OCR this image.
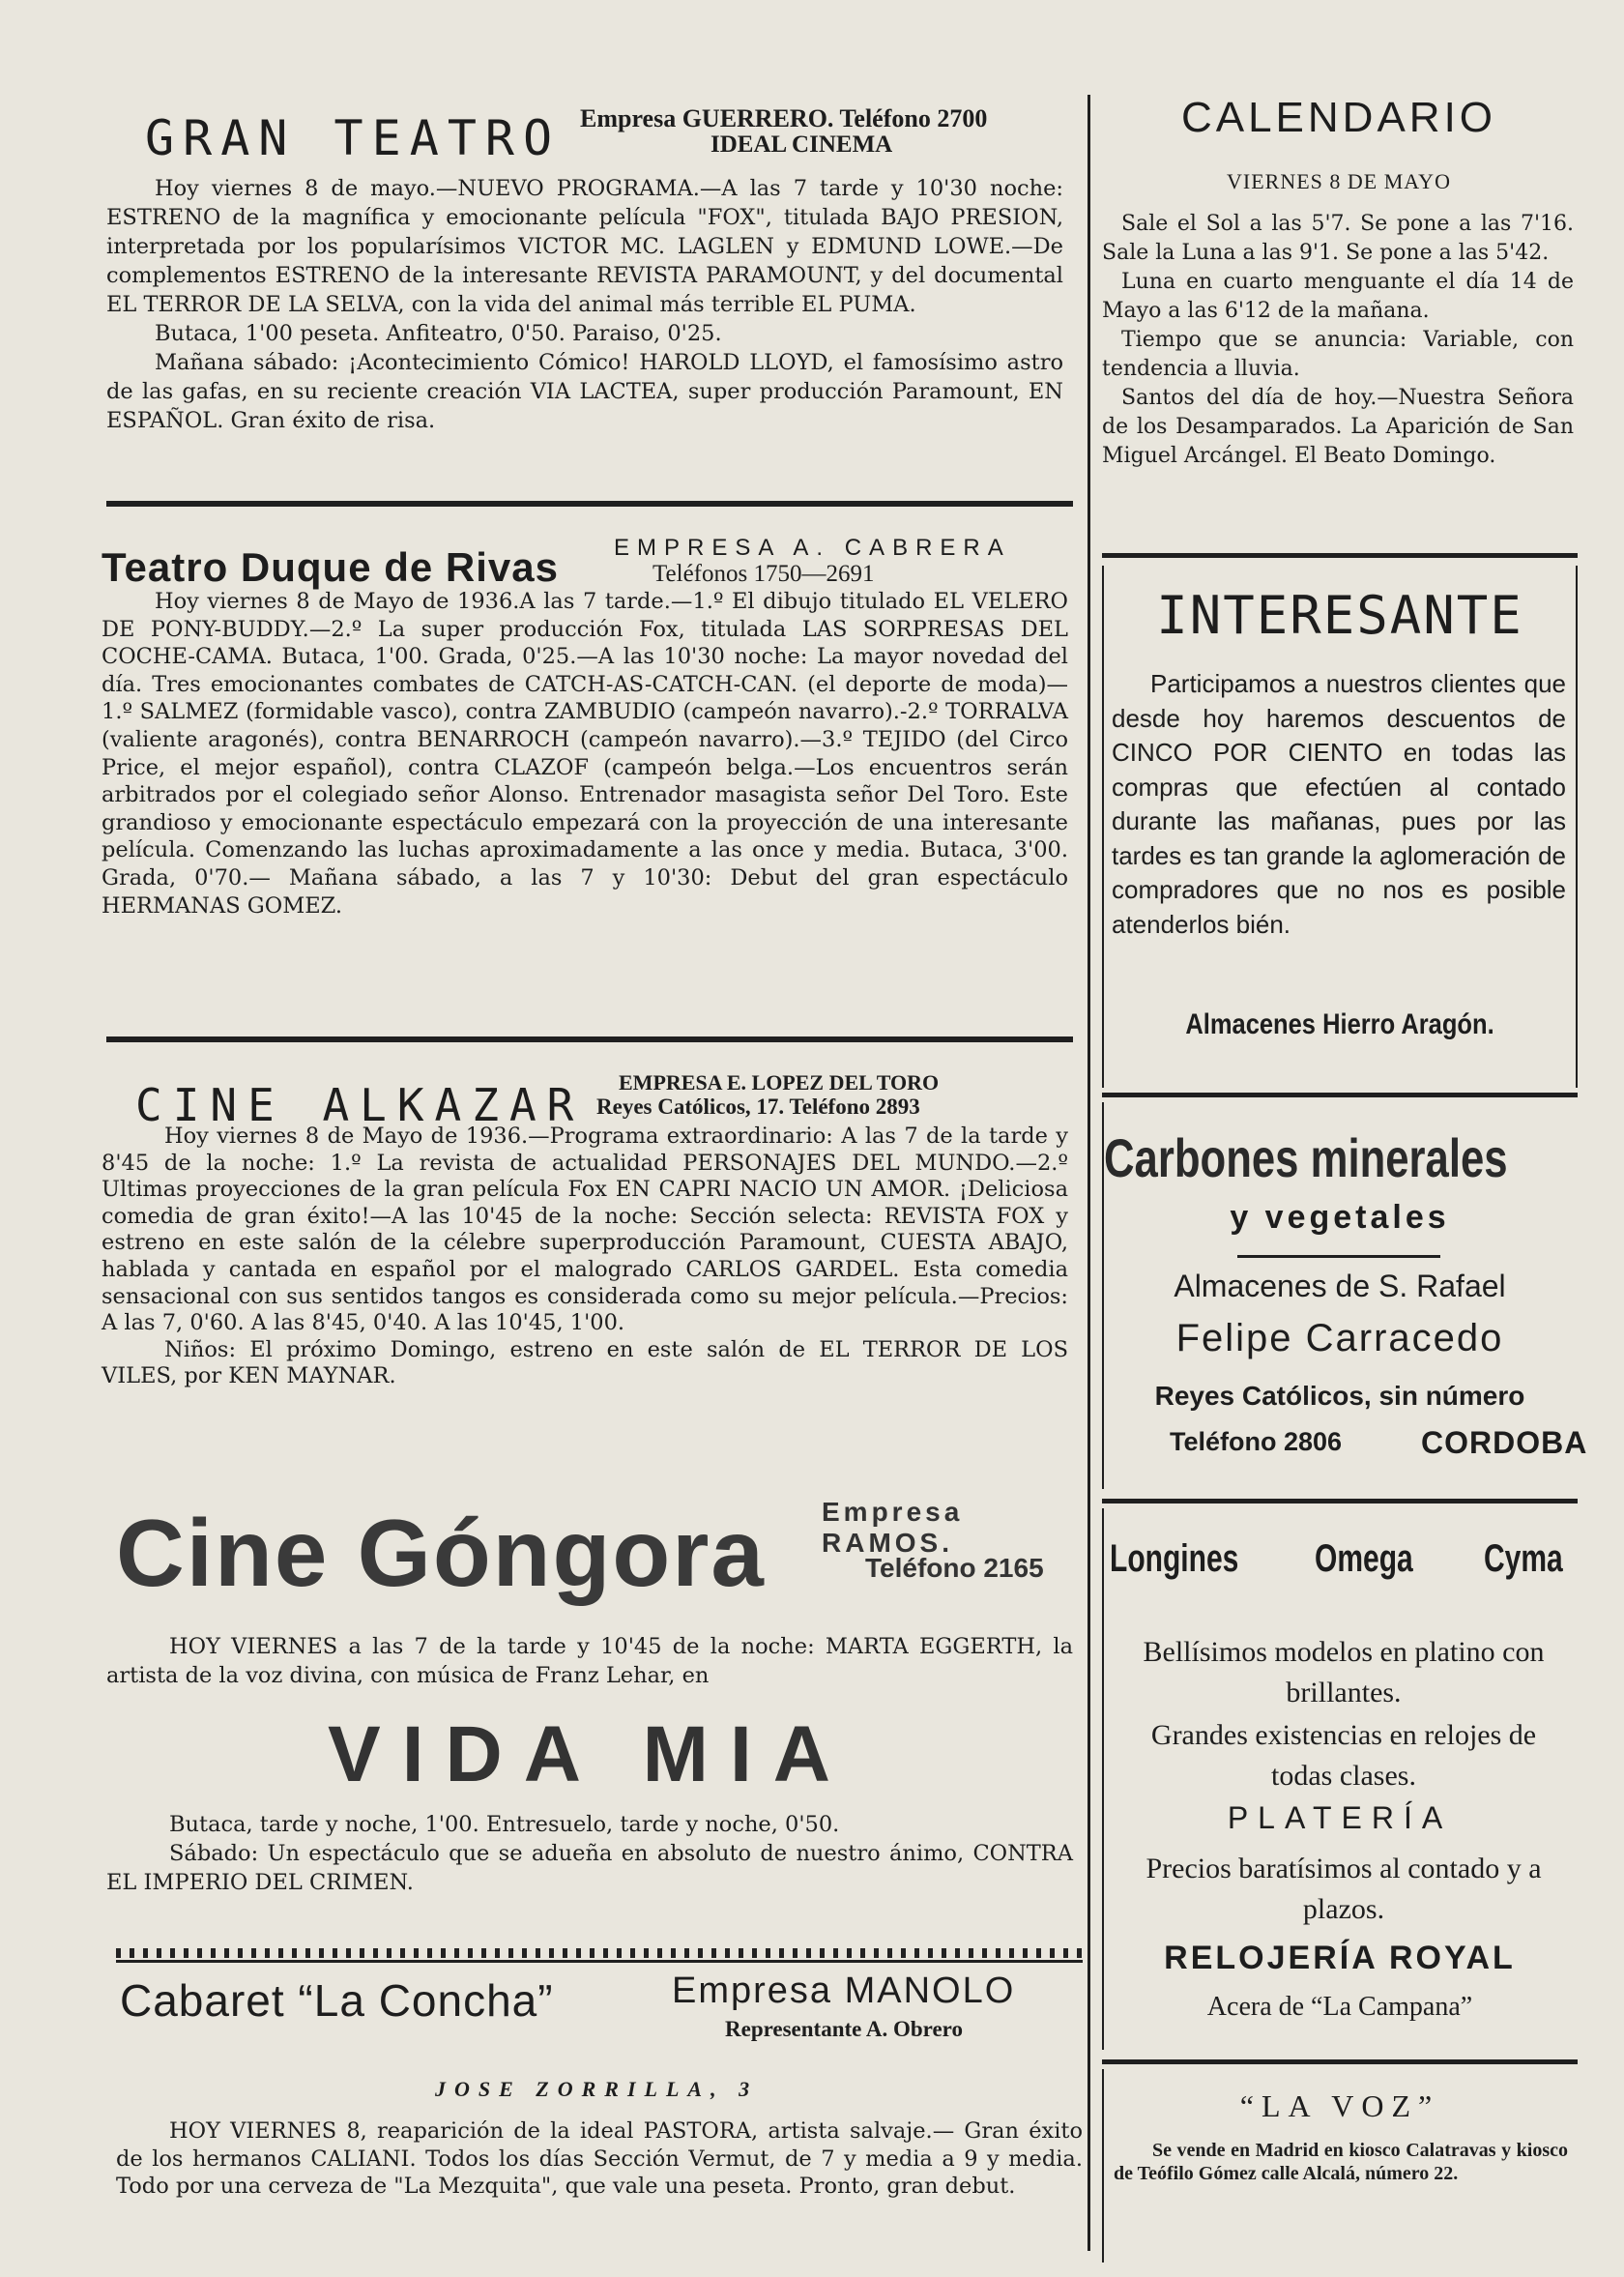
GRAN TEATRO Empresa GUERRERO. Teléfono 2700
IDEAL CINEMA

Hoy viernes 8 de mayo.—NUEVO PROGRAMA.—A las 7 tarde y 10'30 noche: ESTRENO de la magnífica y emocionante película "FOX", titulada BAJO PRESION, interpretada por los popularísimos VICTOR MC. LAGLEN y EDMUND LOWE.—De complementos ESTRENO de la interesante REVISTA PARAMOUNT, y del documental EL TERROR DE LA SELVA, con la vida del animal más terrible EL PUMA.

Butaca, 1'00 peseta. Anfiteatro, 0'50. Paraiso, 0'25.

Mañana sábado: ¡Acontecimiento Cómico! HAROLD LLOYD, el famosísimo astro de las gafas, en su reciente creación VIA LACTEA, super producción Paramount, EN ESPAÑOL. Gran éxito de risa.

Teatro Duque de Rivas EMPRESA A. CABRERA
Teléfonos 1750—2691

Hoy viernes 8 de Mayo de 1936.A las 7 tarde.—1.º El dibujo titulado EL VELERO DE PONY-BUDDY.—2.º La super producción Fox, titulada LAS SORPRESAS DEL COCHE-CAMA. Butaca, 1'00. Grada, 0'25.—A las 10'30 noche: La mayor novedad del día. Tres emocionantes combates de CATCH-AS-CATCH-CAN. (el deporte de moda)—1.º SALMEZ (formidable vasco), contra ZAMBUDIO (campeón navarro).-2.º TORRALVA (valiente aragonés), contra BENARROCH (campeón navarro).—3.º TEJIDO (del Circo Price, el mejor español), contra CLAZOF (campeón belga.—Los encuentros serán arbitrados por el colegiado señor Alonso. Entrenador masagista señor Del Toro. Este grandioso y emocionante espectáculo empezará con la proyección de una interesante película. Comenzando las luchas aproximadamente a las once y media. Butaca, 3'00. Grada, 0'70.— Mañana sábado, a las 7 y 10'30: Debut del gran espectáculo HERMANAS GOMEZ.

CINE ALKAZAR EMPRESA E. LOPEZ DEL TORO
Reyes Católicos, 17. Teléfono 2893

Hoy viernes 8 de Mayo de 1936.—Programa extraordinario: A las 7 de la tarde y 8'45 de la noche: 1.º La revista de actualidad PERSONAJES DEL MUNDO.—2.º Ultimas proyecciones de la gran película Fox EN CAPRI NACIO UN AMOR. ¡Deliciosa comedia de gran éxito!—A las 10'45 de la noche: Sección selecta: REVISTA FOX y estreno en este salón de la célebre superproducción Paramount, CUESTA ABAJO, hablada y cantada en español por el malogrado CARLOS GARDEL. Esta comedia sensacional con sus sentidos tangos es considerada como su mejor película.—Precios: A las 7, 0'60. A las 8'45, 0'40. A las 10'45, 1'00.

Niños: El próximo Domingo, estreno en este salón de EL TERROR DE LOS VILES, por KEN MAYNAR.

Cine Góngora Empresa RAMOS.
Teléfono 2165

HOY VIERNES a las 7 de la tarde y 10'45 de la noche: MARTA EGGERTH, la artista de la voz divina, con música de Franz Lehar, en

VIDA MIA

Butaca, tarde y noche, 1'00. Entresuelo, tarde y noche, 0'50.

Sábado: Un espectáculo que se adueña en absoluto de nuestro ánimo, CONTRA EL IMPERIO DEL CRIMEN.

Cabaret “La Concha”	Empresa MANOLO
Representante A. Obrero
JOSE ZORRILLA, 3

HOY VIERNES 8, reaparición de la ideal PASTORA, artista salvaje.— Gran éxito de los hermanos CALIANI. Todos los días Sección Vermut, de 7 y media a 9 y media. Todo por una cerveza de "La Mezquita", que vale una peseta. Pronto, gran debut.

CALENDARIO
VIERNES 8 DE MAYO

Sale el Sol a las 5'7. Se pone a las 7'16. Sale la Luna a las 9'1. Se pone a las 5'42.

Luna en cuarto menguante el día 14 de Mayo a las 6'12 de la mañana.

Tiempo que se anuncia: Variable, con tendencia a lluvia.

Santos del día de hoy.—Nuestra Señora de los Desamparados. La Aparición de San Miguel Arcángel. El Beato Domingo.

INTERESANTE

Participamos a nuestros clientes que desde hoy haremos descuentos de CINCO POR CIENTO en todas las compras que efectúen al contado durante las mañanas, pues por las tardes es tan grande la aglomeración de compradores que no nos es posible atenderlos bién.

Almacenes Hierro Aragón.
Carbones minerales
y vegetales
Almacenes de S. Rafael
Felipe Carracedo
Reyes Católicos, sin número
Teléfono 2806	CORDOBA
Longines Omega Cyma
Bellísimos modelos en platino con brillantes.
Grandes existencias en relojes de todas clases.
PLATERÍA
Precios baratísimos al contado y a plazos.
RELOJERÍA ROYAL
Acera de “La Campana”
“LA VOZ”
Se vende en Madrid en kiosco Calatravas y kiosco de Teófilo Gómez calle Alcalá, número 22.
